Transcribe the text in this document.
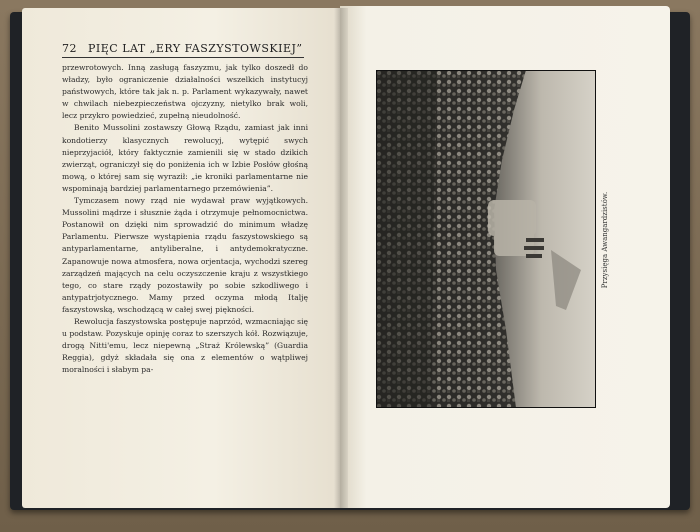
72 PIĘC LAT „ERY FASZYSTOWSKIEJ”

przewrotowych. Inną zasługą faszyzmu, jak tylko doszedł do władzy, było ograniczenie działalności wszelkich instytucyj państwowych, które tak jak n. p. Parlament wykazywały, nawet w chwilach niebezpieczeństwa ojczyzny, nietylko brak woli, lecz przykro powiedzieć, zupełną nieudolność.

Benito Mussolini zostawszy Głową Rządu, zamiast jak inni kondotierzy klasycznych rewolucyj, wytępić swych nieprzyjaciół, który faktycznie zamienili się w stado dzikich zwierząt, ograniczył się do poniżenia ich w Izbie Posłów głośną mową, o której sam się wyraził: „ie kroniki parlamentarne nie wspominają bardziej parlamentarnego przemówienia”.

Tymczasem nowy rząd nie wydawał praw wyjątkowych. Mussolini mądrze i słusznie żąda i otrzymuje pełnomocnictwa. Postanowił on dzięki nim sprowadzić do minimum władzę Parlamentu. Pierwsze wystąpienia rządu faszystowskiego są antyparlamentarne, antyliberalne, i antydemokratyczne. Zapanowuje nowa atmosfera, nowa orjentacja, wychodzi szereg zarządzeń mających na celu oczyszczenie kraju z wszystkiego tego, co stare rządy pozostawiły po sobie szkodliwego i antypatrjotycznego. Mamy przed oczyma młodą Italję faszystowską, wschodzącą w całej swej piękności.

Rewolucja faszystowska postępuje naprzód, wzmacniając się u podstaw. Pozyskuje opinję coraz to szerszych kół. Rozwiązuje, drogą Nitti'emu, lecz niepewną „Straż Królewską” (Guardia Reggia), gdyż składała się ona z elementów o wątpliwej moralności i słabym pa-

Przysięga Awangardzistów.
